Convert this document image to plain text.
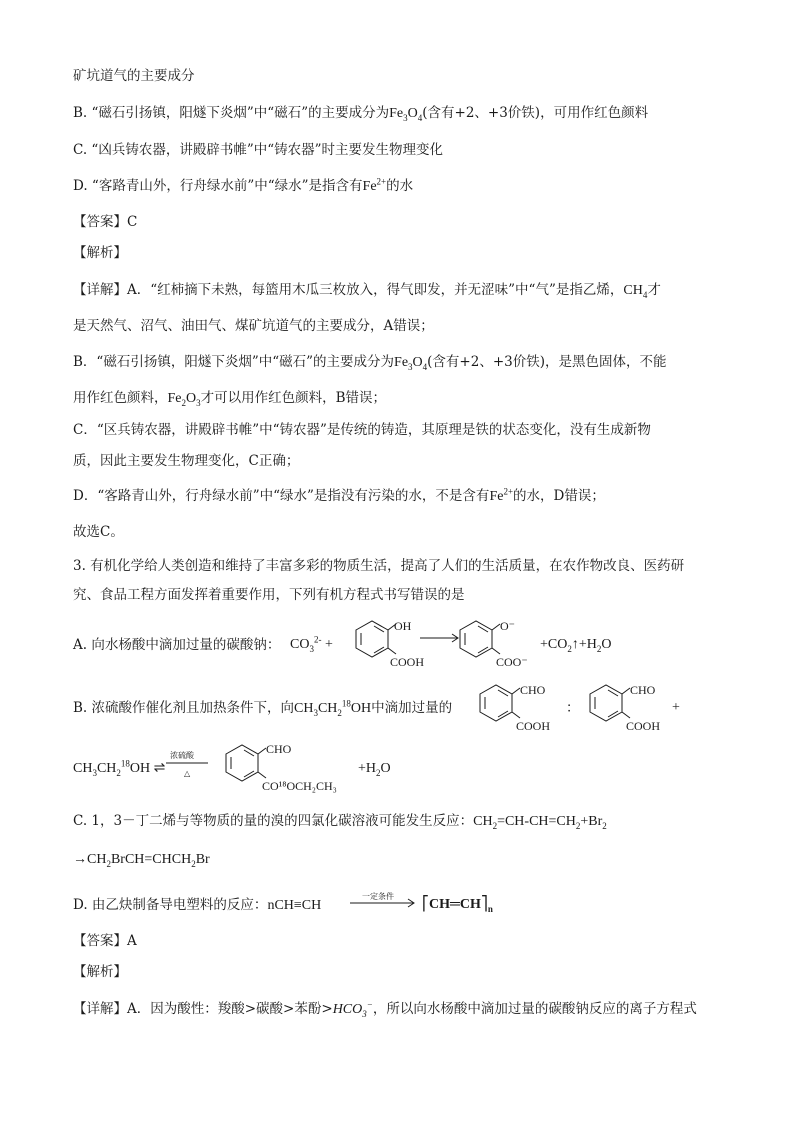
矿坑道气的主要成分
B. “磁石引扬镇，阳燧下炎烟”中“磁石”的主要成分为$Fe_3O_4$(含有+2、+3价铁)，可用作红色颜料
C. “凶兵铸农器，讲殿辟书帷”中“铸农器”时主要发生物理变化
D. “客路青山外，行舟绿水前”中“绿水”是指含有$Fe^{2+}$的水
【答案】C
【解析】
【详解】A．“红柿摘下未熟，每篮用木瓜三枚放入，得气即发，并无涩味”中“气”是指乙烯，$CH_4$才
是天然气、沼气、油田气、煤矿坑道气的主要成分，A错误；
B．“磁石引扬镇，阳燧下炎烟”中“磁石”的主要成分为$Fe_3O_4$(含有+2、+3价铁)，是黑色固体，不能
用作红色颜料，$Fe_2O_3$才可以用作红色颜料，B错误；
C．“区兵铸农器，讲殿辟书帷”中“铸农器”是传统的铸造，其原理是铁的状态变化，没有生成新物
质，因此主要发生物理变化，C正确；
D．“客路青山外，行舟绿水前”中“绿水”是指没有污染的水，不是含有$Fe^{2+}$的水，D错误；
故选C。
3. 有机化学给人类创造和维持了丰富多彩的物质生活，提高了人们的生活质量，在农作物改良、医药研
究、食品工程方面发挥着重要作用，下列有机方程式书写错误的是
A. 向水杨酸中滴加过量的碳酸钠： $CO_3^{2-}$ +
OH
COOH
O⁻
COO⁻
$+CO_2↑+H_2O$
B. 浓硫酸作催化剂且加热条件下，向$CH_3CH_2^{18}OH$中滴加过量的
CHO
COOH
：
CHO
COOH
+
$CH_3CH_2^{18}OH$ ⇌
浓硫酸
△
CHO
CO¹⁸OCH₂CH₃
$+H_2O$
C. 1，3－丁二烯与等物质的量的溴的四氯化碳溶液可能发生反应：$CH_2=CH-CH=CH_2+Br_2$
$\to CH_2BrCH=CHCH_2Br$
D. 由乙炔制备导电塑料的反应：nCH≡CH
一定条件
$⎡CH═CH⎤_n$
【答案】A
【解析】
【详解】A．因为酸性：羧酸>碳酸>苯酚$>HCO_3^-$，所以向水杨酸中滴加过量的碳酸钠反应的离子方程式
